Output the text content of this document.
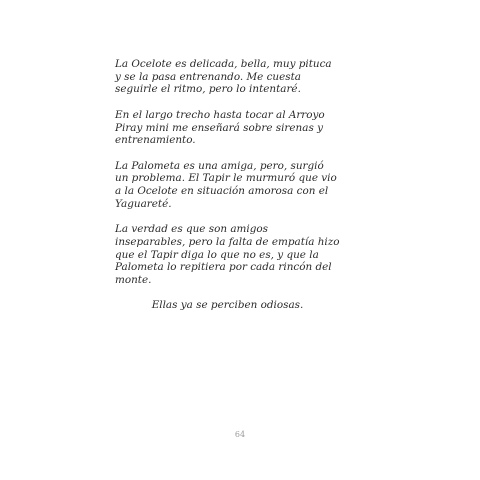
La Ocelote es delicada, bella, muy pituca y se la pasa entrenando. Me cuesta seguirle el ritmo, pero lo intentaré.

En el largo trecho hasta tocar al Arroyo Piray mini me enseñará sobre sirenas y entrenamiento.

La Palometa es una amiga, pero, surgió un problema. El Tapir le murmuró que vio a la Ocelote en situación amorosa con el Yaguareté.

La verdad es que son amigos inseparables, pero la falta de empatía hizo que el Tapir diga lo que no es, y que la Palometa lo repitiera por cada rincón del monte.

Ellas ya se perciben odiosas.

64
